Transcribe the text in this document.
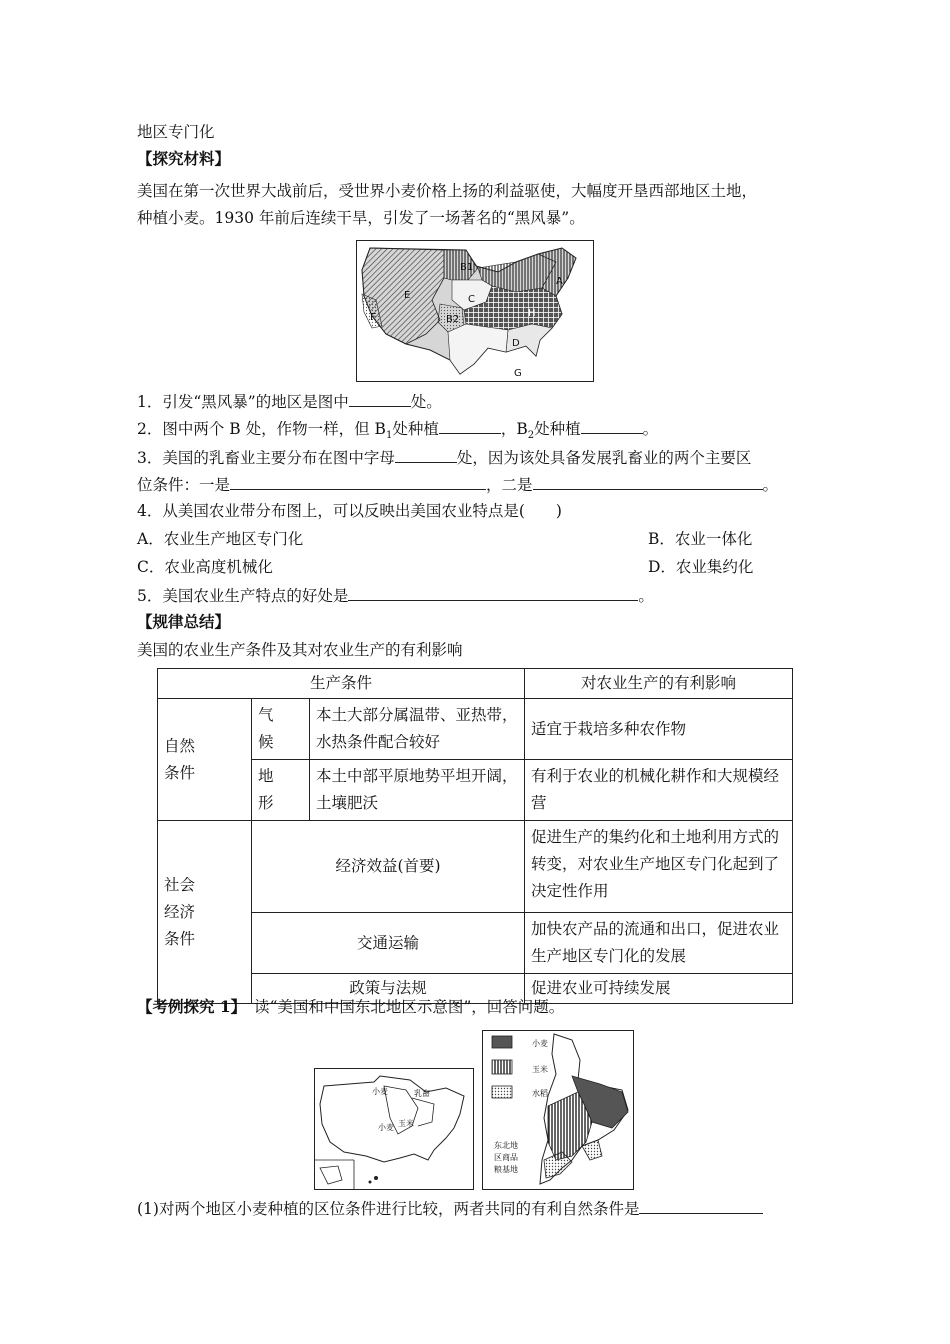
地区专门化
【探究材料】
美国在第一次世界大战前后，受世界小麦价格上扬的利益驱使，大幅度开垦西部地区土地，
种植小麦。1930 年前后连续干旱，引发了一场著名的“黑风暴”。
A
B1
C
E
F	B2
H
D
G
1．引发“黑风暴”的地区是图中	处。
2．图中两个 B 处，作物一样，但 $B_1$处种植	，$B_2$处种植	。
3．美国的乳畜业主要分布在图中字母	处，因为该处具备发展乳畜业的两个主要区
位条件：一是	，二是	。
4．从美国农业带分布图上，可以反映出美国农业特点是(　　)
A．农业生产地区专门化	B．农业一体化
C．农业高度机械化	D．农业集约化
5．美国农业生产特点的好处是	。
【规律总结】
美国的农业生产条件及其对农业生产的有利影响
生产条件			对农业生产的有利影响

自然条件	气候	本土大部分属温带、亚热带，水热条件配合较好	适宜于栽培多种农作物

	地形	本土中部平原地势平坦开阔，土壤肥沃	有利于农业的机械化耕作和大规模经营

社会经济条件	经济效益(首要)		促进生产的集约化和土地利用方式的转变，对农业生产地区专门化起到了决定性作用
	交通运输		加快农产品的流通和出口，促进农业生产地区专门化的发展
	政策与法规		促进农业可持续发展
【考例探究 1】　读“美国和中国东北地区示意图”，回答问题。
小麦	乳畜
小麦 玉米
小麦
玉米
水稻
东北地
区商品
粮基地
(1)对两个地区小麦种植的区位条件进行比较，两者共同的有利自然条件是
